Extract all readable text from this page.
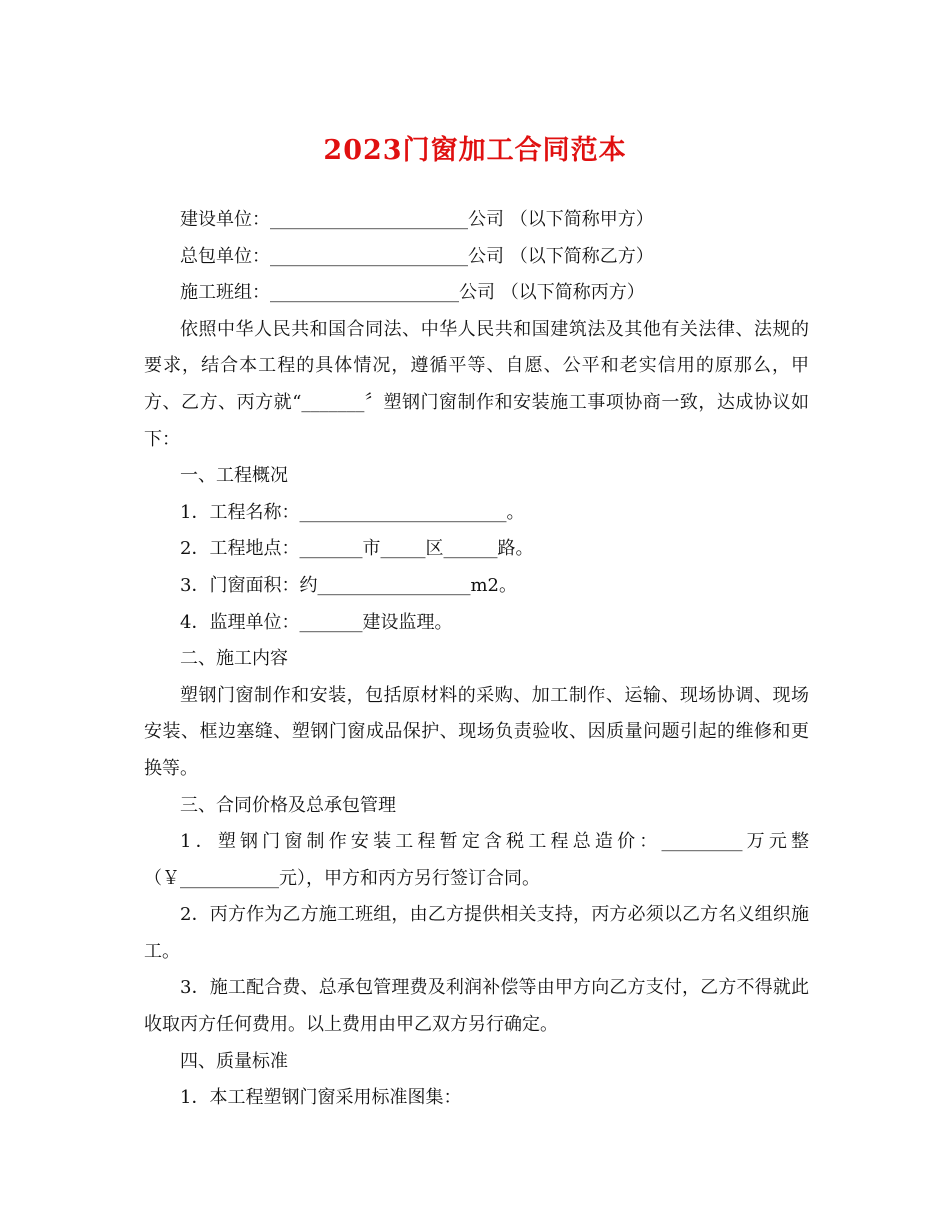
2023门窗加工合同范本

建设单位：______________________公司 （以下简称甲方）

总包单位：______________________公司 （以下简称乙方）

施工班组：_____________________公司 （以下简称丙方）

依照中华人民共和国合同法、中华人民共和国建筑法及其他有关法律、法规的要求，结合本工程的具体情况，遵循平等、自愿、公平和老实信用的原那么，甲方、乙方、丙方就“_______〞塑钢门窗制作和安装施工事项协商一致，达成协议如下：

一、工程概况

1．工程名称：_______________________。

2．工程地点：_______市_____区______路。

3．门窗面积：约_________________m2。

4．监理单位：_______建设监理。

二、施工内容

塑钢门窗制作和安装，包括原材料的采购、加工制作、运输、现场协调、现场安装、框边塞缝、塑钢门窗成品保护、现场负责验收、因质量问题引起的维修和更换等。

三、合同价格及总承包管理

1．塑钢门窗制作安装工程暂定含税工程总造价：_________万元整（￥___________元），甲方和丙方另行签订合同。

2．丙方作为乙方施工班组，由乙方提供相关支持，丙方必须以乙方名义组织施工。

3．施工配合费、总承包管理费及利润补偿等由甲方向乙方支付，乙方不得就此收取丙方任何费用。以上费用由甲乙双方另行确定。

四、质量标准

1．本工程塑钢门窗采用标准图集：
